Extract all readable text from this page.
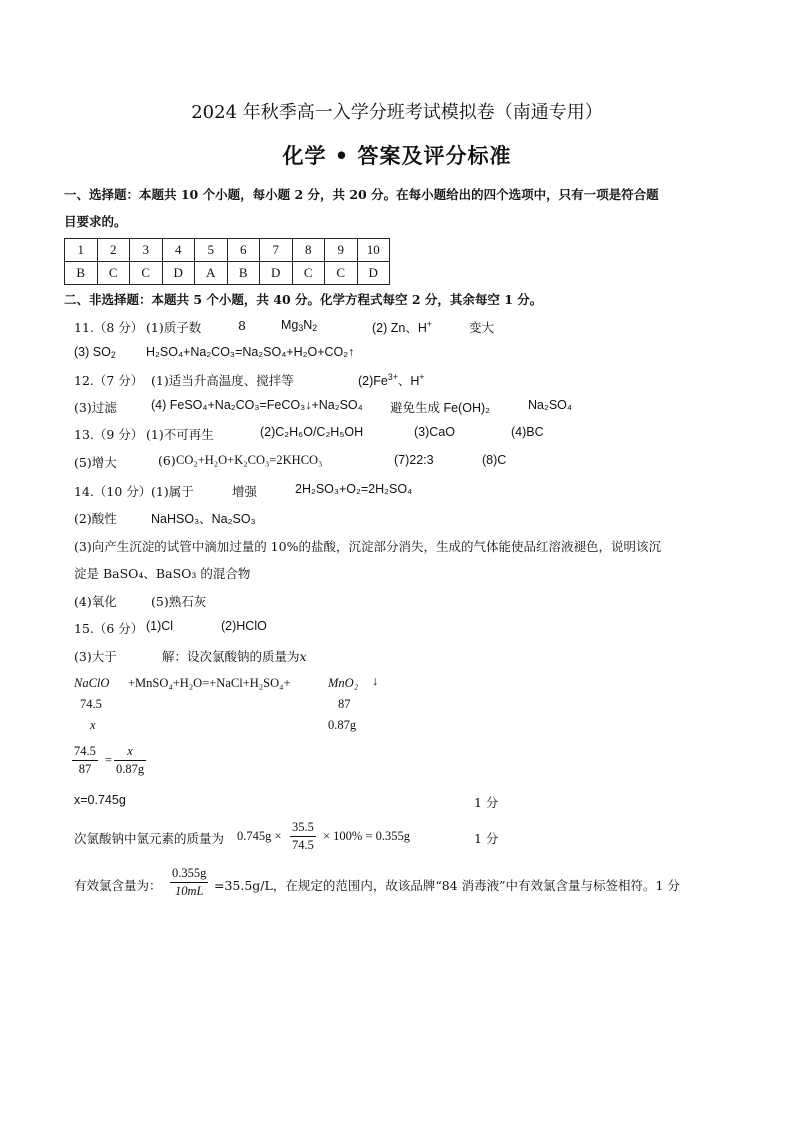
2024 年秋季高一入学分班考试模拟卷（南通专用）
化学 • 答案及评分标准
一、选择题：本题共 10 个小题，每小题 2 分，共 20 分。在每小题给出的四个选项中，只有一项是符合题
目要求的。
1	2	3	4	5	6	7	8	9	10
B	C	C	D	A	B	D	C	C	D
二、非选择题：本题共 5 个小题，共 40 分。化学方程式每空 2 分，其余每空 1 分。
11.（8 分） (1)质子数	8	$Mg_3N_2$	(2) Zn、H+	变大
(3) $SO_2$ H₂SO₄+Na₂CO₃=Na₂SO₄+H₂O+CO₂↑
12.（7 分） (1)适当升高温度、搅拌等	$(2)Fe^{3+}$、H+
(3)过滤	(4) FeSO₄+Na₂CO₃=FeCO₃↓+Na₂SO₄ 避免生成 Fe(OH)₂	Na₂SO₄
13.（9 分） (1)不可再生	(2)C₂H₆O/C₂H₅OH	(3)CaO	(4)BC
(5)增大	(6) CO₂+H₂O+K₂CO₃=2KHCO₃	(7)22:3	(8)C
14.（10 分） (1)属于	增强	2H₂SO₃+O₂=2H₂SO₄
(2)酸性	NaHSO₃、Na₂SO₃
(3)向产生沉淀的试管中滴加过量的 10%的盐酸，沉淀部分消失，生成的气体能使品红溶液褪色，说明该沉
淀是 BaSO₄、BaSO₃ 的混合物
(4)氧化	(5)熟石灰
15.（6 分） (1)Cl	(2)HClO
(3)大于	解：设次氯酸钠的质量为x
NaClO +MnSO₄+H₂O=+NaCl+H₂SO₄+	MnO₂ ↓
74.5	87
x	0.87g
$\frac{74.5}{87} = \frac{x}{0.87g}$
x=0.745g	1 分
次氯酸钠中氯元素的质量为 $0.745g \times \frac{35.5}{74.5} \times 100\% = 0.355g$	1 分
有效氯含量为： $\frac{0.355g}{10mL} =35.5g/L$，在规定的范围内，故该品牌“84 消毒液”中有效氯含量与标签相符。1 分
